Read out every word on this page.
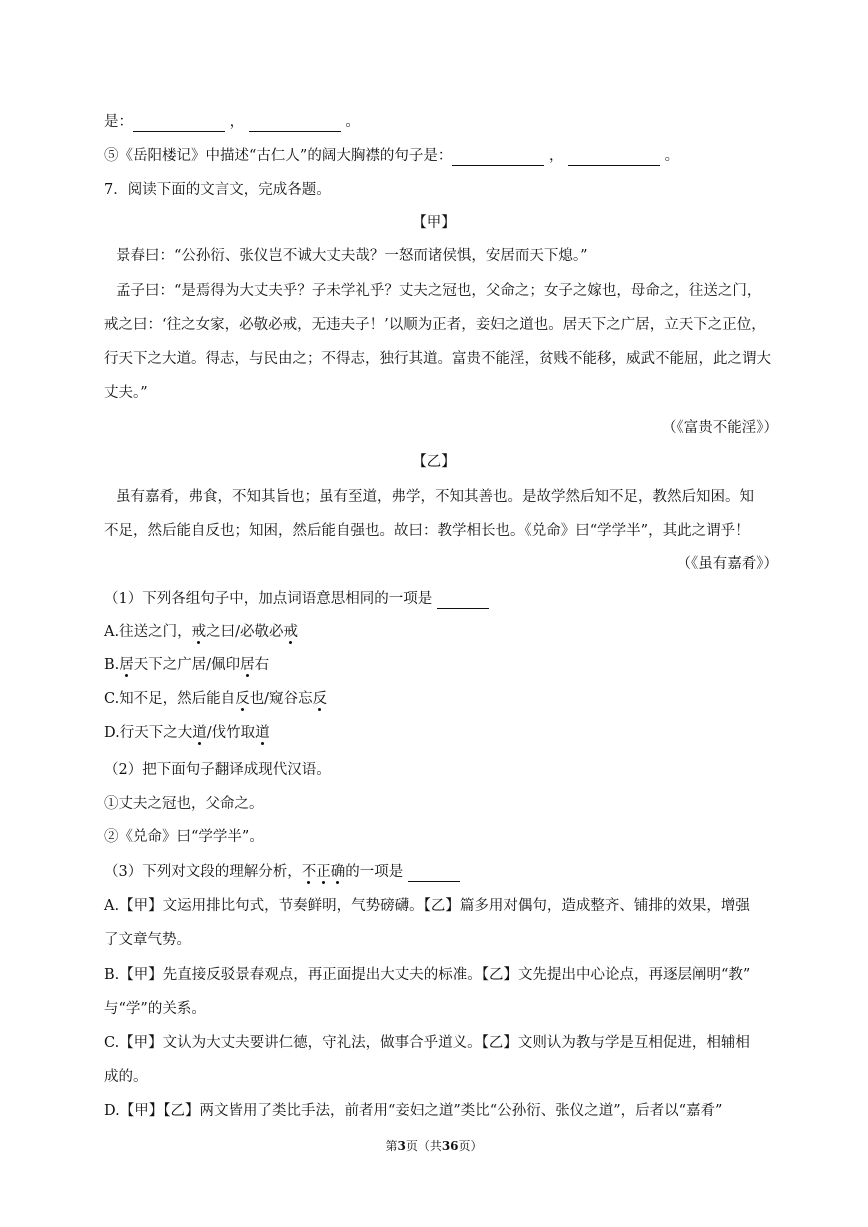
是：	，	。
⑤《岳阳楼记》中描述“古仁人”的阔大胸襟的句子是：	，	。
7．阅读下面的文言文，完成各题。
【甲】
景春曰：“公孙衍、张仪岂不诚大丈夫哉？一怒而诸侯惧，安居而天下熄。”
孟子曰：“是焉得为大丈夫乎？子未学礼乎？丈夫之冠也，父命之；女子之嫁也，母命之，往送之门，
戒之曰：‘往之女家，必敬必戒，无违夫子！’以顺为正者，妾妇之道也。居天下之广居，立天下之正位，
行天下之大道。得志，与民由之；不得志，独行其道。富贵不能淫，贫贱不能移，威武不能屈，此之谓大
丈夫。”
（《富贵不能淫》）
【乙】
虽有嘉肴，弗食，不知其旨也；虽有至道，弗学，不知其善也。是故学然后知不足，教然后知困。知
不足，然后能自反也；知困，然后能自强也。故曰：教学相长也。《兑命》曰“学学半”，其此之谓乎！
（《虽有嘉肴》）
（1）下列各组句子中，加点词语意思相同的一项是
A.往送之门，戒之曰/必敬必戒
B.居天下之广居/佩印居右
C.知不足，然后能自反也/窥谷忘反
D.行天下之大道/伐竹取道
（2）把下面句子翻译成现代汉语。
①丈夫之冠也，父命之。
②《兑命》曰“学学半”。
（3）下列对文段的理解分析，不正确的一项是
A.【甲】文运用排比句式，节奏鲜明，气势磅礴。【乙】篇多用对偶句，造成整齐、铺排的效果，增强
了文章气势。
B.【甲】先直接反驳景春观点，再正面提出大丈夫的标准。【乙】文先提出中心论点，再逐层阐明“教”
与“学”的关系。
C.【甲】文认为大丈夫要讲仁德，守礼法，做事合乎道义。【乙】文则认为教与学是互相促进，相辅相
成的。
D.【甲】【乙】两文皆用了类比手法，前者用“妾妇之道”类比“公孙衍、张仪之道”，后者以“嘉肴”
第3页（共36页）
